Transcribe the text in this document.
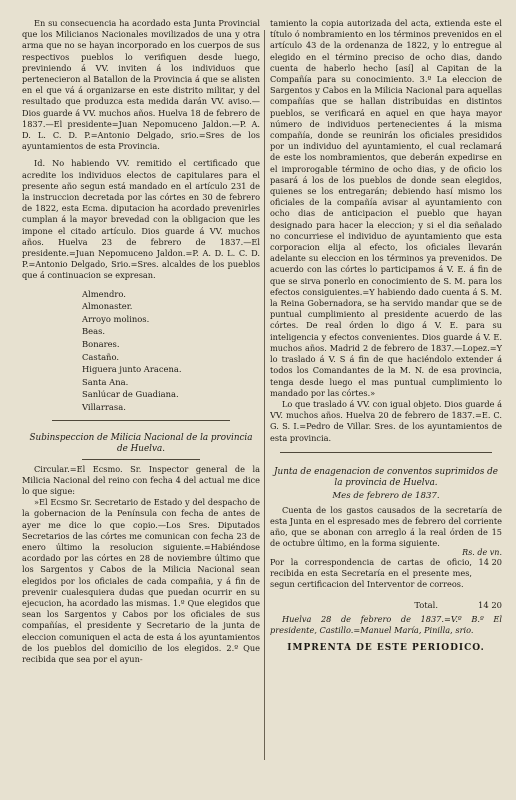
En su consecuencia ha acordado esta Junta Provincial que los Milicianos Nacionales movilizados de una y otra arma que no se hayan incorporado en los cuerpos de sus respectivos pueblos lo verifiquen desde luego, previniendo á VV. inviten á los individuos que pertenecieron al Batallon de la Provincia á que se alisten en el que vá á organizarse en este distrito militar, y del resultado que produzca esta medida darán VV. aviso.—Dios guarde á VV. muchos años. Huelva 18 de febrero de 1837.—El presidente=Juan Nepomuceno Jaldon.—P. A. D. L. C. D. P.=Antonio Delgado, srio.=Sres de los ayuntamientos de esta Provincia.

Id. No habiendo VV. remitido el certificado que acredite los individuos electos de capitulares para el presente año segun está mandado en el artículo 231 de la instruccion decretada por las córtes en 30 de febrero de 1822, esta Ecma. diputacion ha acordado prevenirles cumplan á la mayor brevedad con la obligacion que les impone el citado artículo. Dios guarde á VV. muchos años. Huelva 23 de febrero de 1837.—El presidente.=Juan Nepomuceno Jaldon.=P. A. D. L. C. D. P.=Antonio Delgado, Srio.=Sres. alcaldes de los pueblos que á continuacion se expresan.

Almendro.
Almonaster.
Arroyo molinos.
Beas.
Bonares.
Castaño.
Higuera junto Aracena.
Santa Ana.
Sanlúcar de Guadiana.
Villarrasa.
Subinspeccion de Milicia Nacional de la provincia de Huelva.

Circular.=El Ecsmo. Sr. Inspector general de la Milicia Nacional del reino con fecha 4 del actual me dice lo que sigue:

»El Ecsmo Sr. Secretario de Estado y del despacho de la gobernacion de la Península con fecha de antes de ayer me dice lo que copio.—Los Sres. Diputados Secretarios de las córtes me comunican con fecha 23 de enero último la resolucion siguiente.=Habiéndose acordado por las córtes en 28 de noviembre último que los Sargentos y Cabos de la Milicia Nacional sean elegidos por los oficiales de cada compañia, y á fin de prevenir cualesquiera dudas que puedan ocurrir en su ejecucion, ha acordado las mismas. 1.º Que elegidos que sean los Sargentos y Cabos por los oficiales de sus compañías, el presidente y Secretario de la junta de eleccion comuniquen el acta de esta á los ayuntamientos de los pueblos del domicilio de los elegidos. 2.º Que recibida que sea por el ayun-

tamiento la copia autorizada del acta, extienda este el título ó nombramiento en los términos prevenidos en el artículo 43 de la ordenanza de 1822, y lo entregue al elegido en el término preciso de ocho dias, dando cuenta de haberlo hecho [así] al Capitan de la Compañía para su conocimiento. 3.º La eleccion de Sargentos y Cabos en la Milicia Nacional para aquellas compañías que se hallan distribuidas en distintos pueblos, se verificará en aquel en que haya mayor número de individuos pertenecientes á la misma compañía, donde se reunirán los oficiales presididos por un individuo del ayuntamiento, el cual reclamará de este los nombramientos, que deberán expedirse en el improrogable término de ocho dias, y de oficio los pasará á los de los pueblos de donde sean elegidos, quienes se los entregarán; debiendo hasí mismo los oficiales de la compañía avisar al ayuntamiento con ocho dias de anticipacion el pueblo que hayan designado para hacer la eleccion; y si el dia señalado no concurriese el individuo de ayuntamiento que esta corporacion elija al efecto, los oficiales llevarán adelante su eleccion en los términos ya prevenidos. De acuerdo con las córtes lo participamos á V. E. á fin de que se sirva ponerlo en conocimiento de S. M. para los efectos consiguientes.=Y habiendo dado cuenta á S. M. la Reina Gobernadora, se ha servido mandar que se de puntual cumplimiento al presidente acuerdo de las córtes. De real órden lo digo á V. E. para su inteligencia y efectos convenientes. Dios guarde á V. E. muchos años. Madrid 2 de febrero de 1837.—Lopez.=Y lo traslado á V. S á fin de que haciéndolo extender á todos los Comandantes de la M. N. de esa provincia, tenga desde luego el mas puntual cumplimiento lo mandado por las córtes.»

Lo que traslado á VV. con igual objeto. Dios guarde á VV. muchos años. Huelva 20 de febrero de 1837.=E. C. G. S. I.=Pedro de Villar. Sres. de los ayuntamientos de esta provincia.

Junta de enagenacion de conventos suprimidos de la provincia de Huelva.
Mes de febrero de 1837.

Cuenta de los gastos causados de la secretaría de esta Junta en el espresado mes de febrero del corriente año, que se abonan con arreglo á la real órden de 15 de octubre último, en la forma siguiente.

Rs. de vn.
Por la correspondencia de cartas de oficio, recibida en esta Secretaría en el presente mes, segun certificacion del Interventor de correos.
14 20
Total.	14 20

Huelva 28 de febrero de 1837.=V.º B.º El presidente, Castillo.=Manuel María, Pinilla, srio.

IMPRENTA DE ESTE PERIODICO.
